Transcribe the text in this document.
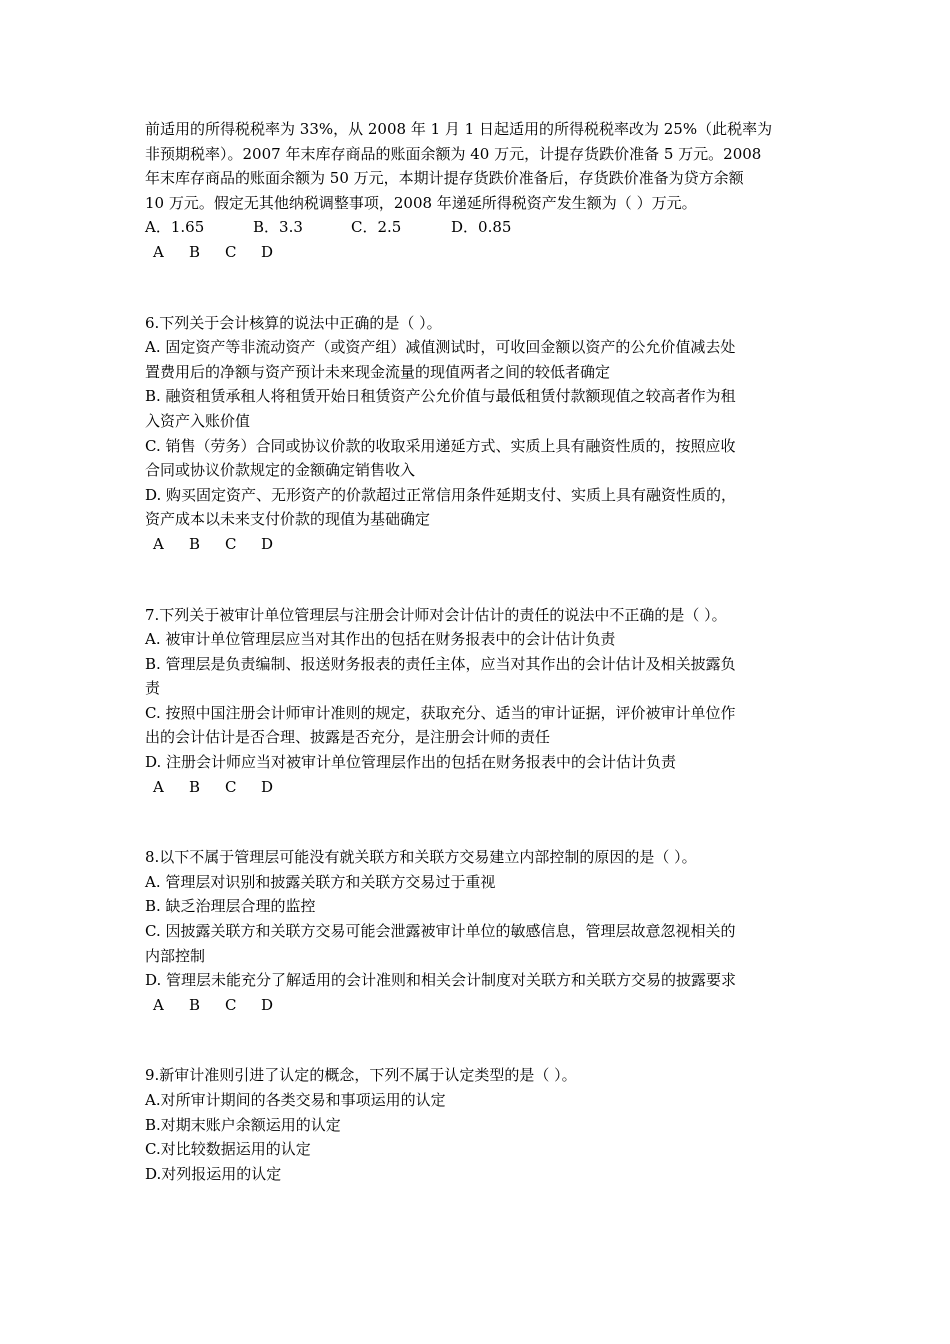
前适用的所得税税率为 33%，从 2008 年 1 月 1 日起适用的所得税税率改为 25%（此税率为
非预期税率）。2007 年末库存商品的账面余额为 40 万元，计提存货跌价准备 5 万元。2008
年末库存商品的账面余额为 50 万元，本期计提存货跌价准备后，存货跌价准备为贷方余额
10 万元。假定无其他纳税调整事项，2008 年递延所得税资产发生额为（ ）万元。
A．1.65	B．3.3	C．2.5	D．0.85
A B C D
6.下列关于会计核算的说法中正确的是（ ）。
A. 固定资产等非流动资产（或资产组）减值测试时，可收回金额以资产的公允价值减去处
置费用后的净额与资产预计未来现金流量的现值两者之间的较低者确定
B. 融资租赁承租人将租赁开始日租赁资产公允价值与最低租赁付款额现值之较高者作为租
入资产入账价值
C. 销售（劳务）合同或协议价款的收取采用递延方式、实质上具有融资性质的，按照应收
合同或协议价款规定的金额确定销售收入
D. 购买固定资产、无形资产的价款超过正常信用条件延期支付、实质上具有融资性质的，
资产成本以未来支付价款的现值为基础确定
A B C D
7.下列关于被审计单位管理层与注册会计师对会计估计的责任的说法中不正确的是（ ）。
A. 被审计单位管理层应当对其作出的包括在财务报表中的会计估计负责
B. 管理层是负责编制、报送财务报表的责任主体，应当对其作出的会计估计及相关披露负
责
C. 按照中国注册会计师审计准则的规定，获取充分、适当的审计证据，评价被审计单位作
出的会计估计是否合理、披露是否充分，是注册会计师的责任
D. 注册会计师应当对被审计单位管理层作出的包括在财务报表中的会计估计负责
A B C D
8.以下不属于管理层可能没有就关联方和关联方交易建立内部控制的原因的是（ ）。
A. 管理层对识别和披露关联方和关联方交易过于重视
B. 缺乏治理层合理的监控
C. 因披露关联方和关联方交易可能会泄露被审计单位的敏感信息，管理层故意忽视相关的
内部控制
D. 管理层未能充分了解适用的会计准则和相关会计制度对关联方和关联方交易的披露要求
A B C D
9.新审计准则引进了认定的概念，下列不属于认定类型的是（ ）。
A.对所审计期间的各类交易和事项运用的认定
B.对期末账户余额运用的认定
C.对比较数据运用的认定
D.对列报运用的认定
